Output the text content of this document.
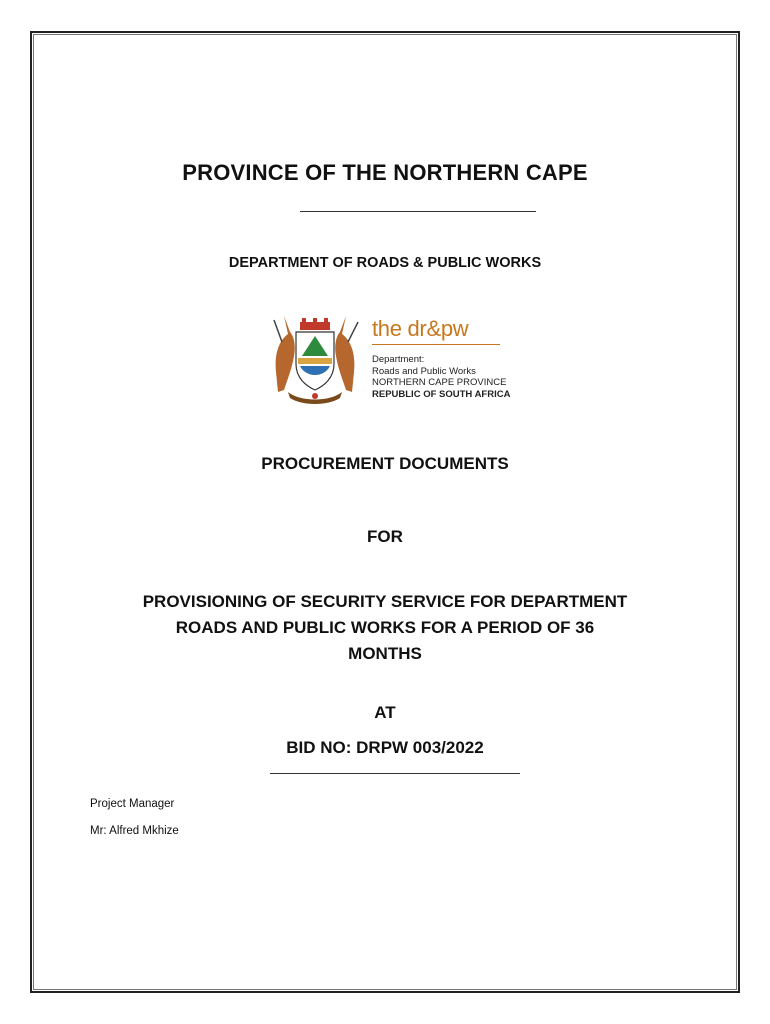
PROVINCE OF THE NORTHERN CAPE
DEPARTMENT OF ROADS & PUBLIC WORKS
the dr&pw
Department:
Roads and Public Works
NORTHERN CAPE PROVINCE
REPUBLIC OF SOUTH AFRICA
PROCUREMENT DOCUMENTS
FOR
PROVISIONING OF SECURITY SERVICE FOR DEPARTMENT
ROADS AND PUBLIC WORKS FOR A PERIOD OF 36
MONTHS
AT
BID NO: DRPW 003/2022
Project Manager
Mr: Alfred Mkhize
